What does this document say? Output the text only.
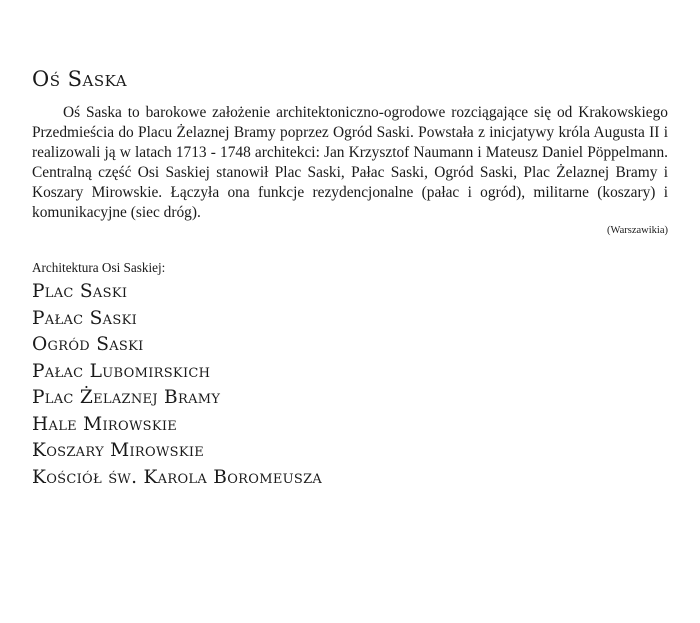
Oś Saska

Oś Saska to barokowe założenie architektoniczno-ogrodowe rozciągające się od Krakowskiego Przedmieścia do Placu Żelaznej Bramy poprzez Ogród Saski. Powstała z inicjatywy króla Augusta II i realizowali ją w latach 1713 - 1748 architekci: Jan Krzysztof Naumann i Mateusz Daniel Pöppelmann. Centralną część Osi Saskiej stanowił Plac Saski, Pałac Saski, Ogród Saski, Plac Żelaznej Bramy i Koszary Mirowskie. Łączyła ona funkcje rezydencjonalne (pałac i ogród), militarne (koszary) i komunikacyjne (siec dróg).

(Warszawikia)

Architektura Osi Saskiej:

Plac Saski
Pałac Saski
Ogród Saski
Pałac Lubomirskich
Plac Żelaznej Bramy
Hale Mirowskie
Koszary Mirowskie
Kościół św. Karola Boromeusza
